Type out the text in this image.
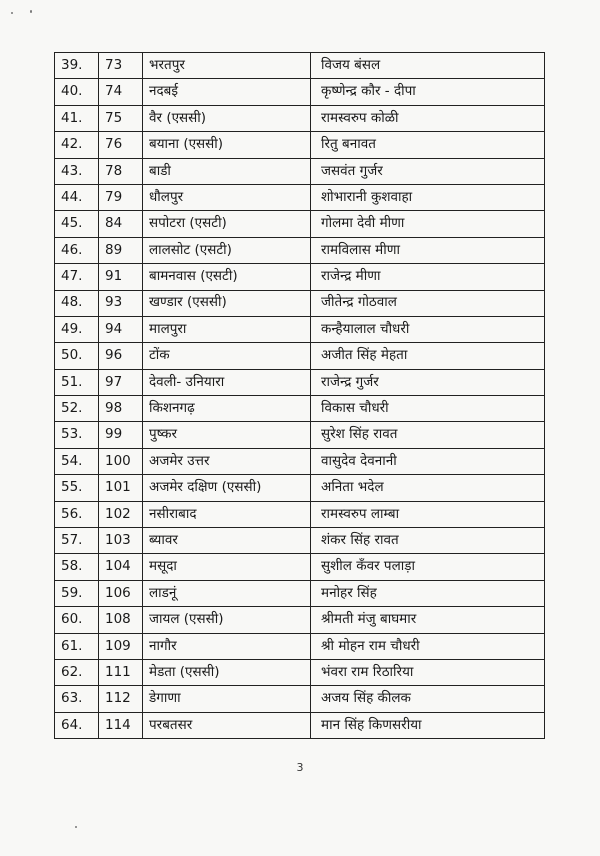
39.	73	भरतपुर	विजय बंसल
40.	74	नदबई	कृष्णेन्द्र कौर - दीपा
41.	75	वैर (एससी)	रामस्वरुप कोळी
42.	76	बयाना (एससी)	रितु बनावत
43.	78	बाडी	जसवंत गुर्जर
44.	79	धौलपुर	शोभारानी कुशवाहा
45.	84	सपोटरा (एसटी)	गोलमा देवी मीणा
46.	89	लालसोट (एसटी)	रामविलास मीणा
47.	91	बामनवास (एसटी)	राजेन्द्र मीणा
48.	93	खण्डार (एससी)	जीतेन्द्र गोठवाल
49.	94	मालपुरा	कन्हैयालाल चौधरी
50.	96	टोंक	अजीत सिंह मेहता
51.	97	देवली- उनियारा	राजेन्द्र गुर्जर
52.	98	किशनगढ़	विकास चौधरी
53.	99	पुष्कर	सुरेश सिंह रावत
54.	100	अजमेर उत्तर	वासुदेव देवनानी
55.	101	अजमेर दक्षिण (एससी)	अनिता भदेल
56.	102	नसीराबाद	रामस्वरुप लाम्बा
57.	103	ब्यावर	शंकर सिंह रावत
58.	104	मसूदा	सुशील कँवर पलाड़ा
59.	106	लाडनूं	मनोहर सिंह
60.	108	जायल (एससी)	श्रीमती मंजु बाघमार
61.	109	नागौर	श्री मोहन राम चौधरी
62.	111	मेडता (एससी)	भंवरा राम रिठारिया
63.	112	डेगाणा	अजय सिंह कीलक
64.	114	परबतसर	मान सिंह किणसरीया
3
